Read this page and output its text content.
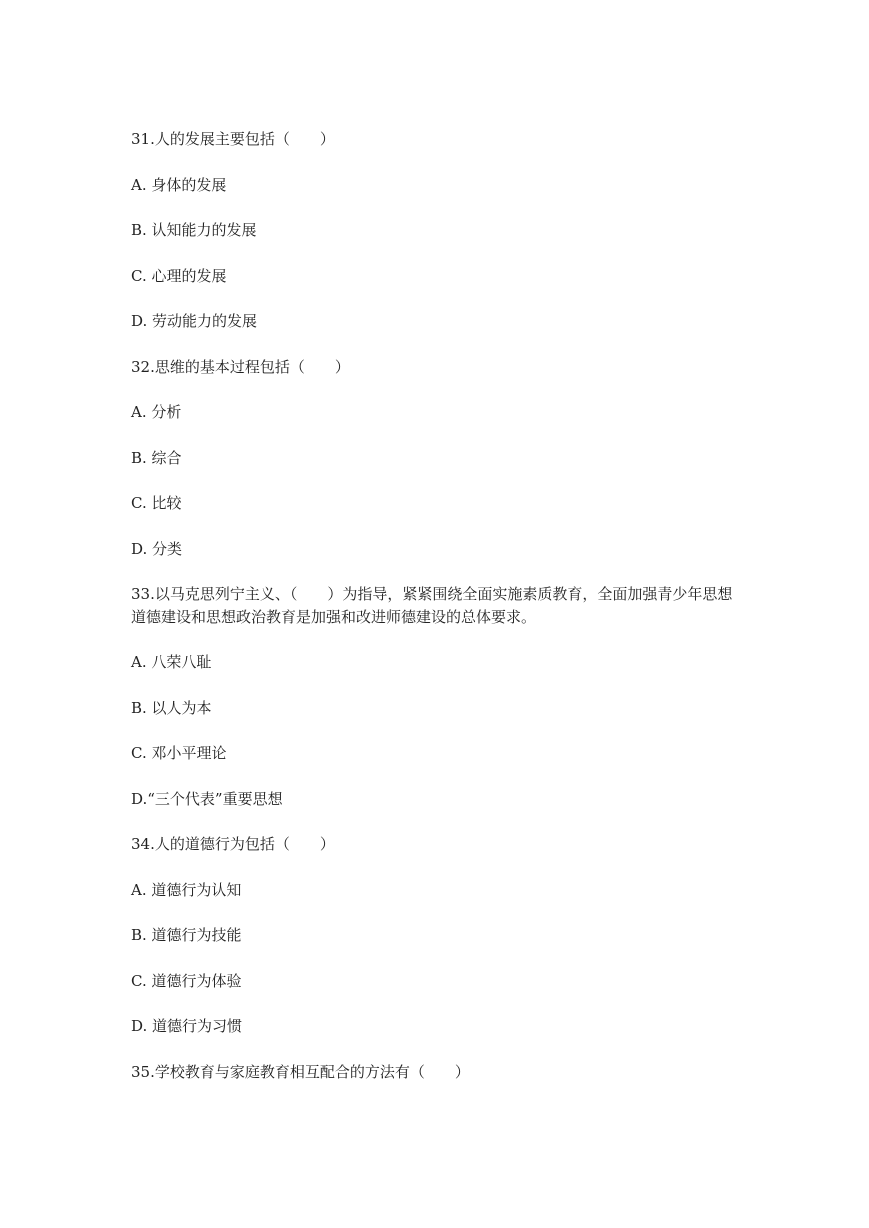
31.人的发展主要包括（　　）
A. 身体的发展
B. 认知能力的发展
C. 心理的发展
D. 劳动能力的发展
32.思维的基本过程包括（　　）
A. 分析
B. 综合
C. 比较
D. 分类
33.以马克思列宁主义、（　　）为指导，紧紧围绕全面实施素质教育，全面加强青少年思想
道德建设和思想政治教育是加强和改进师德建设的总体要求。
A. 八荣八耻
B. 以人为本
C. 邓小平理论
D.“三个代表”重要思想
34.人的道德行为包括（　　）
A. 道德行为认知
B. 道德行为技能
C. 道德行为体验
D. 道德行为习惯
35.学校教育与家庭教育相互配合的方法有（　　）
